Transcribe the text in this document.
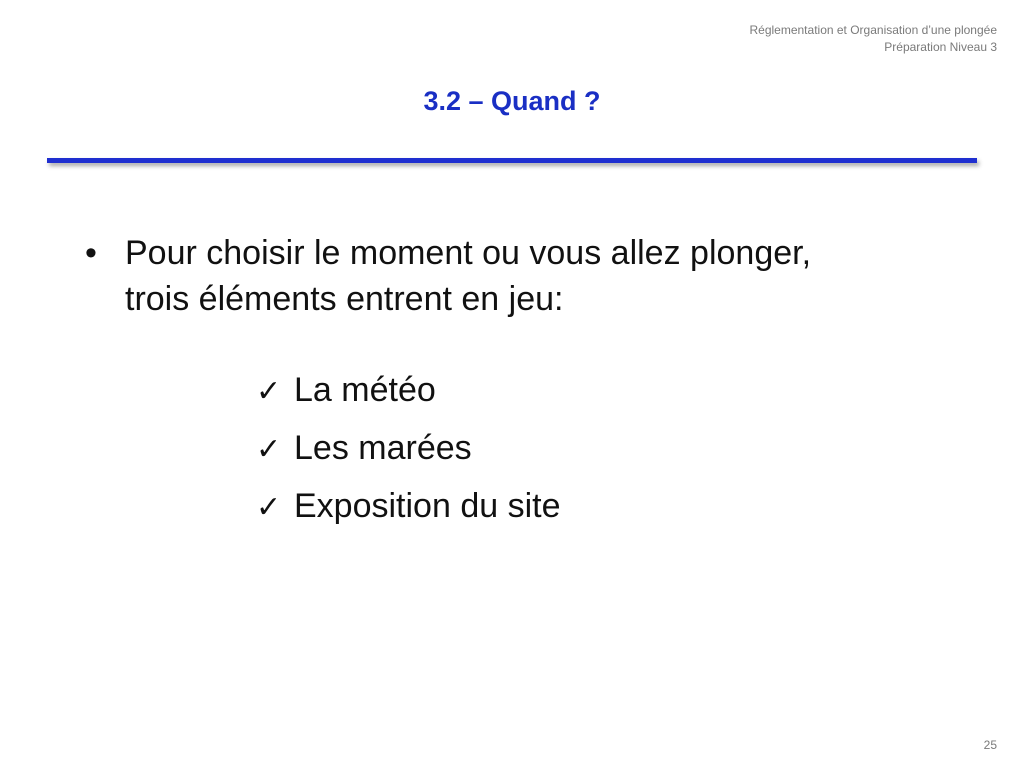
Réglementation et Organisation d’une plongée
Préparation Niveau 3
3.2 – Quand ?
• Pour choisir le moment ou vous allez plonger,
trois éléments entrent en jeu:
✓ La météo
✓ Les marées
✓ Exposition du site
25
